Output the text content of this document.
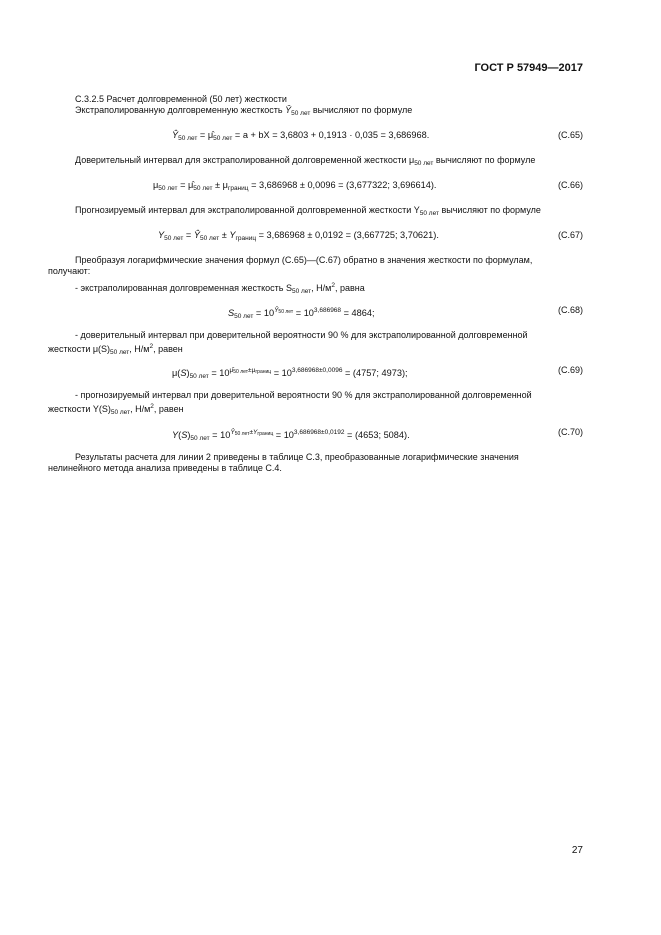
ГОСТ Р 57949—2017
С.3.2.5 Расчет долговременной (50 лет) жесткости
Экстраполированную долговременную жесткость $Ŷ_{50 лет}$ вычисляют по формуле
$Ŷ_{50 лет}$ = $\mû_{50 лет} = a$ + bX = 3,6803 + 0,1913 · 0,035 = 3,686968.	(С.65)
Доверительный интервал для экстраполированной долговременной жесткости $\mu_{50 лет}$ вычисляют по формуле
$\mu_{50 лет}$ = $\mû_{50 лет} \pm \mu_{границ} = 3,686968 \pm 0,0096 = (3,677322$; 3,696614).	(С.66)
Прогнозируемый интервал для экстраполированной долговременной жесткости $Y_{50 лет}$ вычисляют по формуле
$Y_{50 лет}$ = $Ŷ_{50 лет} \pm Y_{границ} = 3,686968 \pm 0,0192 = (3,667725$; 3,70621).	(С.67)
Преобразуя логарифмические значения формул (С.65)—(С.67) обратно в значения жесткости по формулам, получают:
- экстраполированная долговременная жесткость $S_{50 лет}$, $Н/м^2$, равна
$S_{50 лет} = 10^{Ŷ50 лет} = 10^{3,686968} = 4864$;	(С.68)
- доверительный интервал при доверительной вероятности 90 % для экстраполированной долговременной жесткости $\mu(S)_{50 лет}$, $Н/м^2$, равен
$\mu(S)_{50 лет} = 10^{\mû50 лет\pm\mu границ} = 10^{3,686968\pm 0,0096} = (4757$; 4973);	(С.69)
- прогнозируемый интервал при доверительной вероятности 90 % для экстраполированной долговременной жесткости $Y(S)_{50 лет}$, $Н/м^2$, равен
$Y(S)_{50 лет} = 10^{Ŷ50 лет\pm Yграниц} = 10^{3,686968\pm 0,0192} = (4653$; 5084).	(С.70)
Результаты расчета для линии 2 приведены в таблице С.3, преобразованные логарифмические значения нелинейного метода анализа приведены в таблице С.4.
27
